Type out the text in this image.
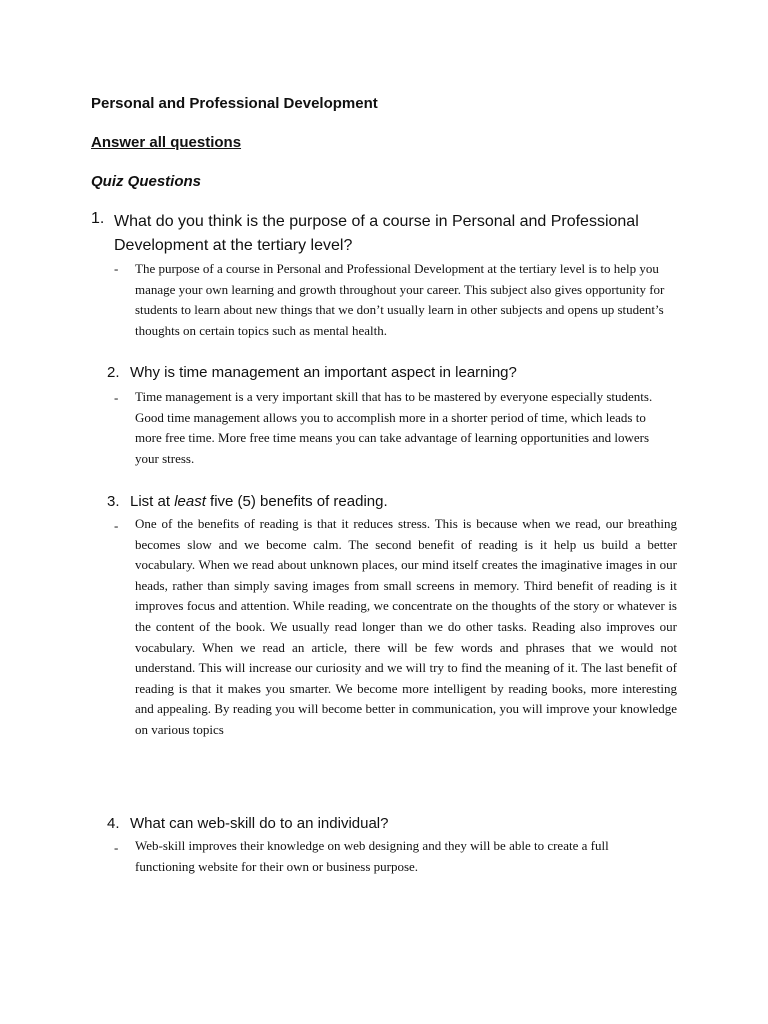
Personal and Professional Development
Answer all questions
Quiz Questions
1. What do you think is the purpose of a course in Personal and Professional Development at the tertiary level?
- The purpose of a course in Personal and Professional Development at the tertiary level is to help you manage your own learning and growth throughout your career. This subject also gives opportunity for students to learn about new things that we don’t usually learn in other subjects and opens up student’s thoughts on certain topics such as mental health.
2. Why is time management an important aspect in learning?
- Time management is a very important skill that has to be mastered by everyone especially students. Good time management allows you to accomplish more in a shorter period of time, which leads to more free time. More free time means you can take advantage of learning opportunities and lowers your stress.
3. List at least five (5) benefits of reading.
- One of the benefits of reading is that it reduces stress. This is because when we read, our breathing becomes slow and we become calm. The second benefit of reading is it help us build a better vocabulary. When we read about unknown places, our mind itself creates the imaginative images in our heads, rather than simply saving images from small screens in memory. Third benefit of reading is it improves focus and attention. While reading, we concentrate on the thoughts of the story or whatever is the content of the book. We usually read longer than we do other tasks. Reading also improves our vocabulary. When we read an article, there will be few words and phrases that we would not understand. This will increase our curiosity and we will try to find the meaning of it. The last benefit of reading is that it makes you smarter. We become more intelligent by reading books, more interesting and appealing. By reading you will become better in communication, you will improve your knowledge on various topics
4. What can web-skill do to an individual?
- Web-skill improves their knowledge on web designing and they will be able to create a full functioning website for their own or business purpose.
